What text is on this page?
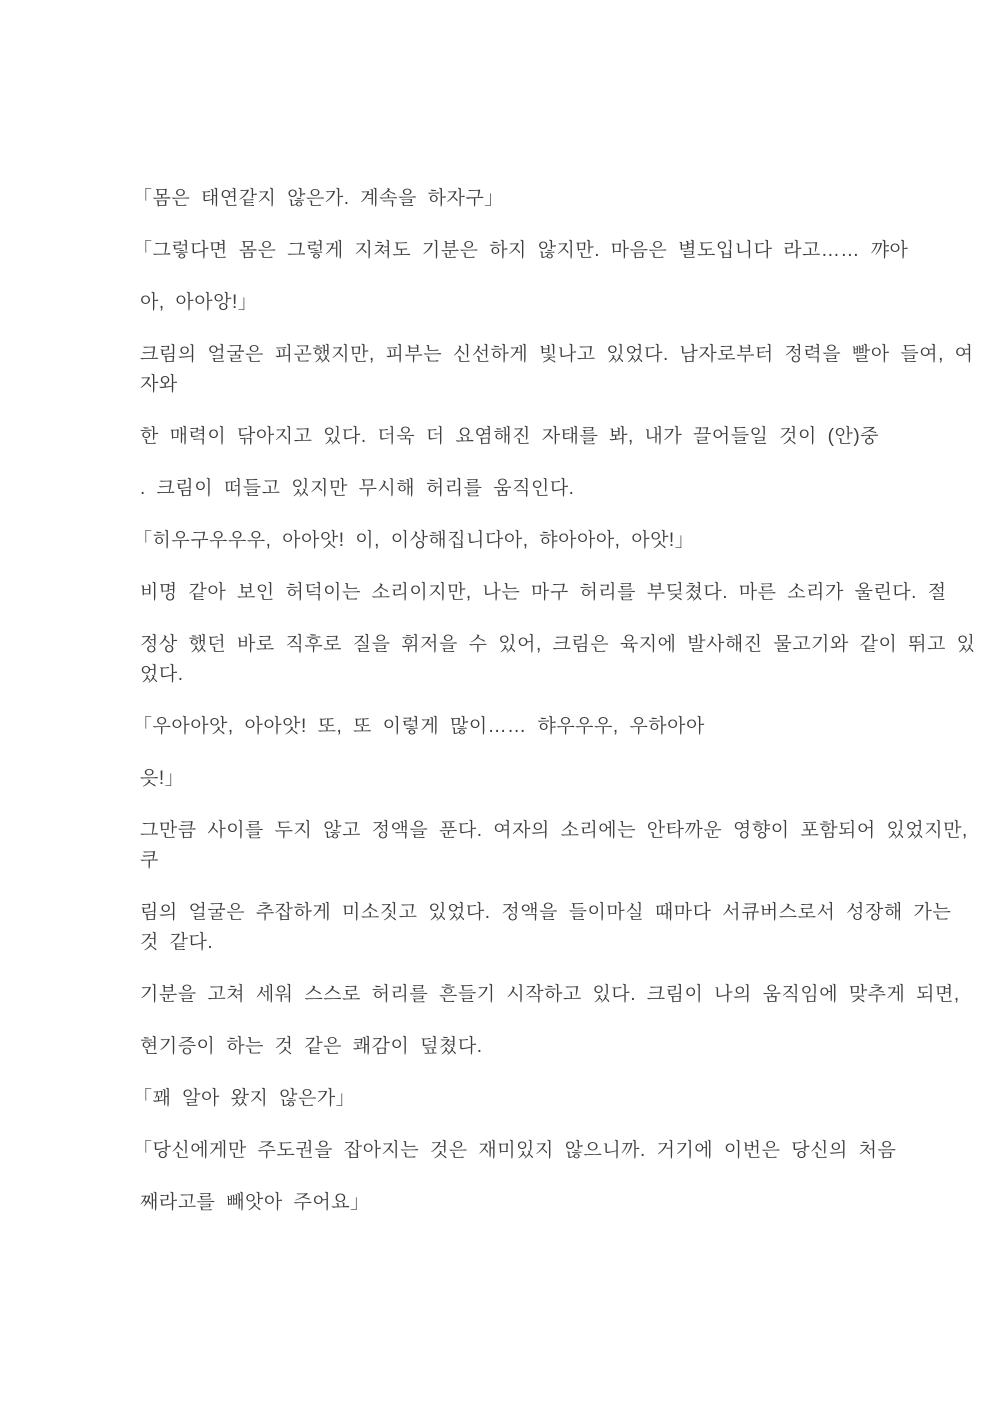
「몸은 태연같지 않은가. 계속을 하자구」

「그렇다면 몸은 그렇게 지쳐도 기분은 하지 않지만. 마음은 별도입니다 라고…… 꺄아

아, 아아앙!」

크림의 얼굴은 피곤했지만, 피부는 신선하게 빛나고 있었다. 남자로부터 정력을 빨아 들여, 여
자와

한 매력이 닦아지고 있다. 더욱 더 요염해진 자태를 봐, 내가 끌어들일 것이 (안)중

. 크림이 떠들고 있지만 무시해 허리를 움직인다.

「히우구우우우, 아아앗! 이, 이상해집니다아, 햐아아아, 아앗!」

비명 같아 보인 허덕이는 소리이지만, 나는 마구 허리를 부딪쳤다. 마른 소리가 울린다. 절

정상 했던 바로 직후로 질을 휘저을 수 있어, 크림은 육지에 발사해진 물고기와 같이 뛰고 있
었다.

「우아아앗, 아아앗! 또, 또 이렇게 많이…… 햐우우우, 우하아아

읏!」

그만큼 사이를 두지 않고 정액을 푼다. 여자의 소리에는 안타까운 영향이 포함되어 있었지만,
쿠

림의 얼굴은 추잡하게 미소짓고 있었다. 정액을 들이마실 때마다 서큐버스로서 성장해 가는
것 같다.

기분을 고쳐 세워 스스로 허리를 흔들기 시작하고 있다. 크림이 나의 움직임에 맞추게 되면,

현기증이 하는 것 같은 쾌감이 덮쳤다.

「꽤 알아 왔지 않은가」

「당신에게만 주도권을 잡아지는 것은 재미있지 않으니까. 거기에 이번은 당신의 처음

째라고를 빼앗아 주어요」
